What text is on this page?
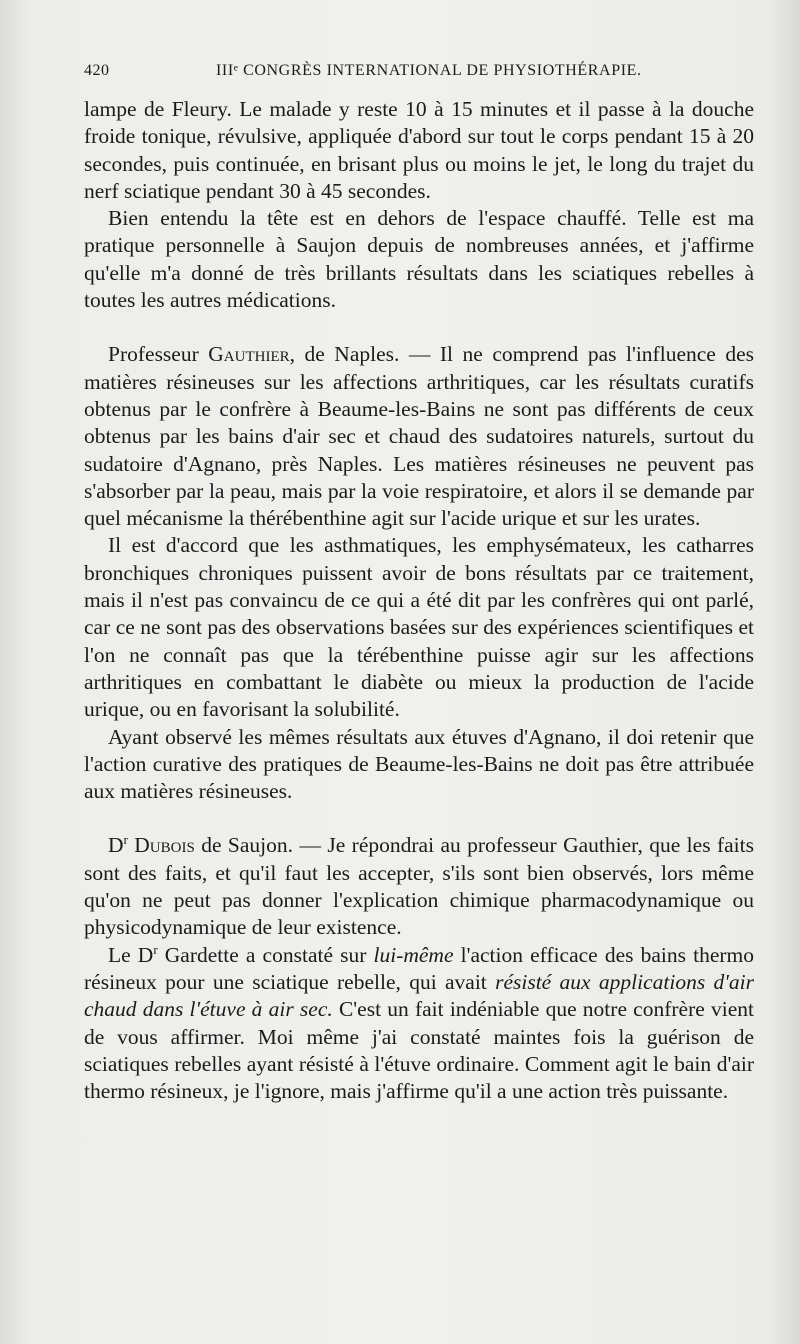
420	IIIᵉ CONGRÈS INTERNATIONAL DE PHYSIOTHÉRAPIE.

lampe de Fleury. Le malade y reste 10 à 15 minutes et il passe à la douche froide tonique, révulsive, appliquée d'abord sur tout le corps pendant 15 à 20 secondes, puis continuée, en brisant plus ou moins le jet, le long du trajet du nerf sciatique pendant 30 à 45 secondes.

Bien entendu la tête est en dehors de l'espace chauffé. Telle est ma pratique personnelle à Saujon depuis de nombreuses années, et j'affirme qu'elle m'a donné de très brillants résultats dans les sciatiques rebelles à toutes les autres médications.

Professeur Gauthier, de Naples. — Il ne comprend pas l'influence des matières résineuses sur les affections arthritiques, car les résultats curatifs obtenus par le confrère à Beaume-les-Bains ne sont pas différents de ceux obtenus par les bains d'air sec et chaud des sudatoires naturels, surtout du sudatoire d'Agnano, près Naples. Les matières résineuses ne peuvent pas s'absorber par la peau, mais par la voie respiratoire, et alors il se demande par quel mécanisme la thérébenthine agit sur l'acide urique et sur les urates.

Il est d'accord que les asthmatiques, les emphysémateux, les catharres bronchiques chroniques puissent avoir de bons résultats par ce traitement, mais il n'est pas convaincu de ce qui a été dit par les confrères qui ont parlé, car ce ne sont pas des observations basées sur des expériences scientifiques et l'on ne connaît pas que la térébenthine puisse agir sur les affections arthritiques en combattant le diabète ou mieux la production de l'acide urique, ou en favorisant la solubilité.

Ayant observé les mêmes résultats aux étuves d'Agnano, il doi retenir que l'action curative des pratiques de Beaume-les-Bains ne doit pas être attribuée aux matières résineuses.

$D^r$ Dubois de Saujon. — Je répondrai au professeur Gauthier, que les faits sont des faits, et qu'il faut les accepter, s'ils sont bien observés, lors même qu'on ne peut pas donner l'explication chimique pharmacodynamique ou physicodynamique de leur existence.

Le $D^r$ Gardette a constaté sur lui-même l'action efficace des bains thermo résineux pour une sciatique rebelle, qui avait résisté aux applications d'air chaud dans l'étuve à air sec. C'est un fait indéniable que notre confrère vient de vous affirmer. Moi même j'ai constaté maintes fois la guérison de sciatiques rebelles ayant résisté à l'étuve ordinaire. Comment agit le bain d'air thermo résineux, je l'ignore, mais j'affirme qu'il a une action très puissante.
